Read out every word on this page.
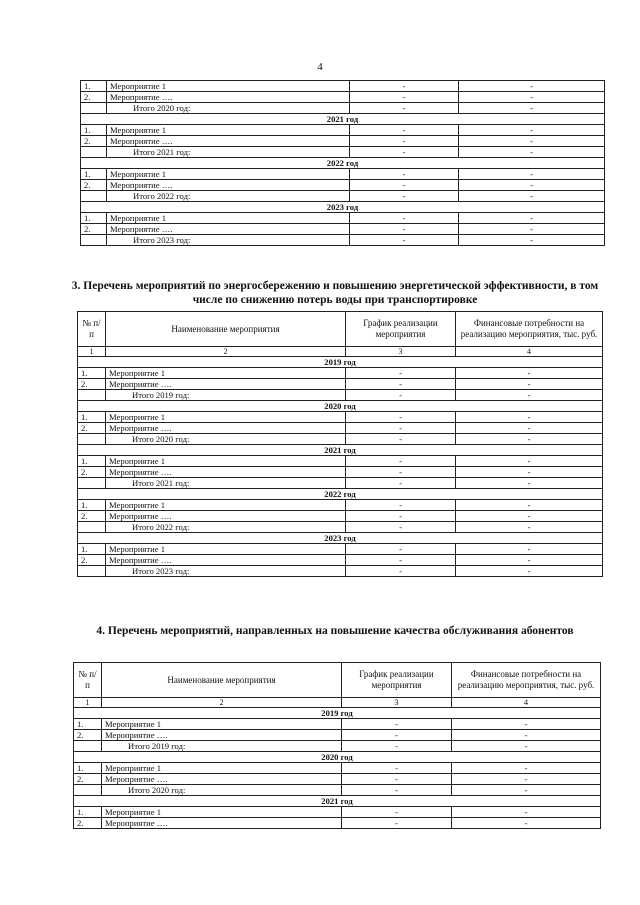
4
1.	Мероприятие 1	-	-
2.	Мероприятие ….	-	-
	Итого 2020 год:	-	-
2021 год			
1.	Мероприятие 1	-	-
2.	Мероприятие ….	-	-
	Итого 2021 год:	-	-
2022 год			
1.	Мероприятие 1	-	-
2.	Мероприятие ….	-	-
	Итого 2022 год:	-	-
2023 год			
1.	Мероприятие 1	-	-
2.	Мероприятие ….	-	-
	Итого 2023 год:	-	-
3. Перечень мероприятий по энергосбережению и повышению энергетической эффективности, в том числе по снижению потерь воды при транспортировке
№ п/п	Наименование мероприятия	График реализации мероприятия	Финансовые потребности на реализацию мероприятия, тыс. руб.
1	2	3	4
2019 год			
1.	Мероприятие 1	-	-
2.	Мероприятие ….	-	-
	Итого 2019 год:	-	-
2020 год			
1.	Мероприятие 1	-	-
2.	Мероприятие ….	-	-
	Итого 2020 год:	-	-
2021 год			
1.	Мероприятие 1	-	-
2.	Мероприятие ….	-	-
	Итого 2021 год:	-	-
2022 год			
1.	Мероприятие 1	-	-
2.	Мероприятие ….	-	-
	Итого 2022 год:	-	-
2023 год			
1.	Мероприятие 1	-	-
2.	Мероприятие ….	-	-
	Итого 2023 год:	-	-
4. Перечень мероприятий, направленных на повышение качества обслуживания абонентов
№ п/п	Наименование мероприятия	График реализации мероприятия	Финансовые потребности на реализацию мероприятия, тыс. руб.
1	2	3	4
2019 год			
1.	Мероприятие 1	-	-
2.	Мероприятие ….	-	-
	Итого 2019 год:	-	-
2020 год			
1.	Мероприятие 1	-	-
2.	Мероприятие ….	-	-
	Итого 2020 год:	-	-
2021 год			
1.	Мероприятие 1	-	-
2.	Мероприятие ….	-	-
